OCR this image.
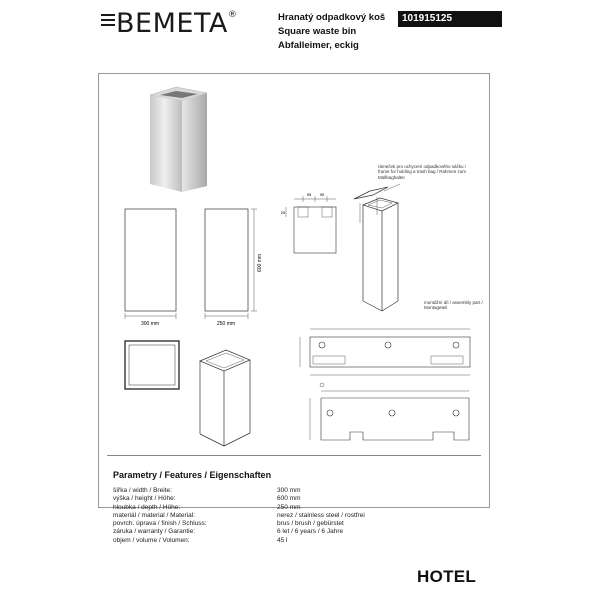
BEMETA®	Hranatý odpadkový koš
Square waste bin
Abfalleimer, eckig
101915125
300 mm	250 mm
600 mm
95 95
25
rámeček pro uchycení odpadkového sáčku / frame for holding a trash bag / Rahmen zum Müllbaghalter
montážní díl / assembly part / Montageteil
Parametry / Features / Eigenschaften
šířka / width / Breite:
výška / height / Höhe:
hloubka / depth / Höhe:
materiál / material / Material:
povrch. úprava / finish / Schluss:
záruka / warranty / Garantie:
objem / volume / Volumen:
300 mm
600 mm
250 mm
nerez / stainless steel / rostfrei
brus / brush / gebürstet
6 let / 6 years / 6 Jahre
45 l
HOTEL
